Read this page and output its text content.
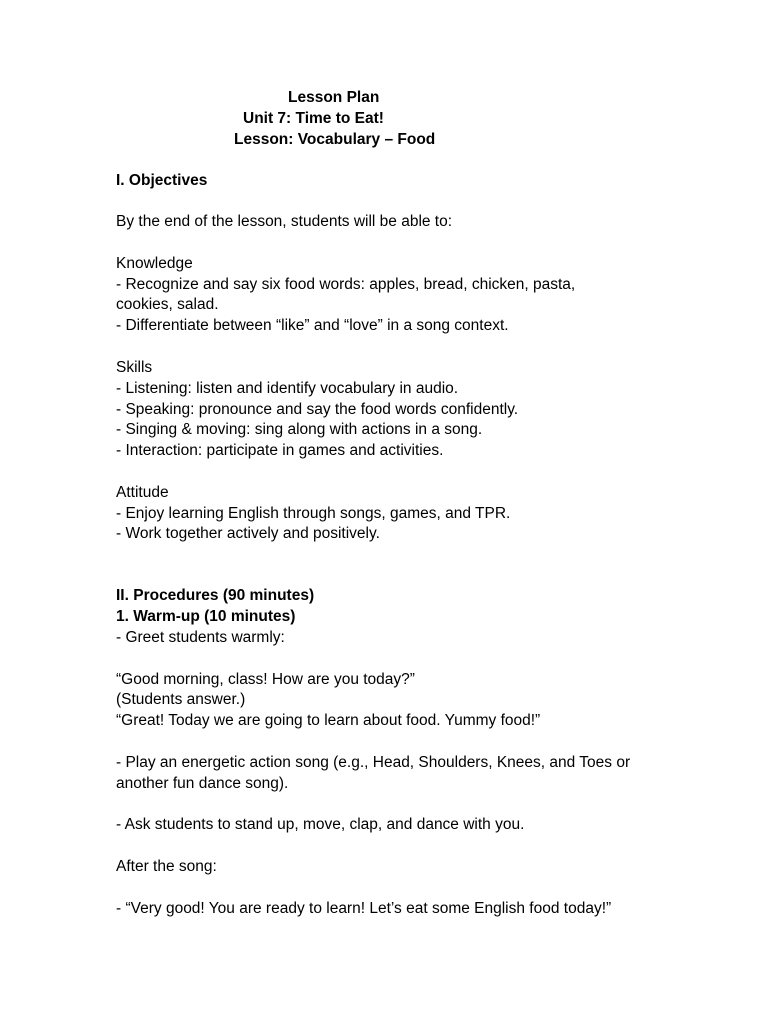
Lesson Plan
Unit 7: Time to Eat!
Lesson: Vocabulary – Food
I. Objectives
By the end of the lesson, students will be able to:
Knowledge
- Recognize and say six food words: apples, bread, chicken, pasta,
cookies, salad.
- Differentiate between “like” and “love” in a song context.
Skills
- Listening: listen and identify vocabulary in audio.
- Speaking: pronounce and say the food words confidently.
- Singing & moving: sing along with actions in a song.
- Interaction: participate in games and activities.
Attitude
- Enjoy learning English through songs, games, and TPR.
- Work together actively and positively.
II. Procedures (90 minutes)
1. Warm-up (10 minutes)
- Greet students warmly:
“Good morning, class! How are you today?”
(Students answer.)
“Great! Today we are going to learn about food. Yummy food!”
- Play an energetic action song (e.g., Head, Shoulders, Knees, and Toes or
another fun dance song).
- Ask students to stand up, move, clap, and dance with you.
After the song:
- “Very good! You are ready to learn! Let’s eat some English food today!”
